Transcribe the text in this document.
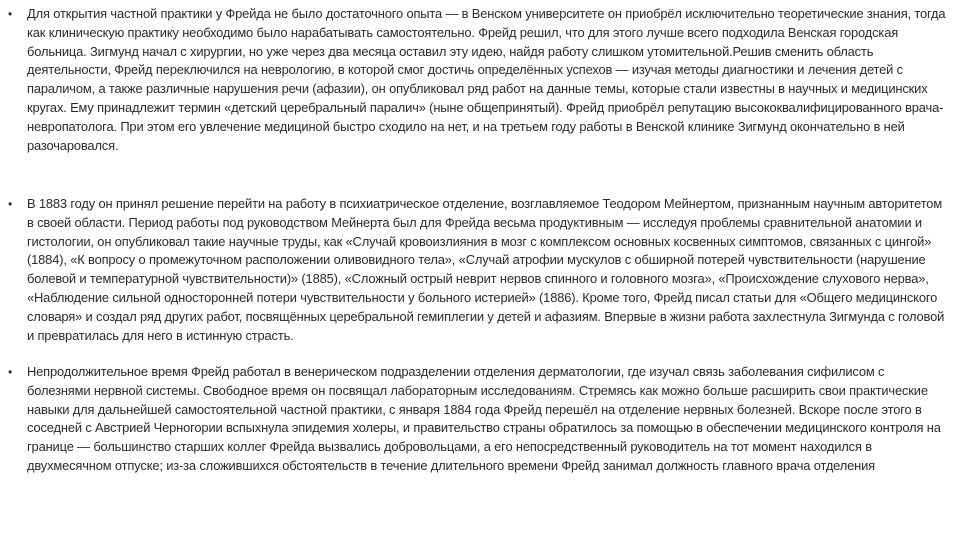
• Для открытия частной практики у Фрейда не было достаточного опыта — в Венском университете он приобрёл исключительно теоретические знания, тогда как клиническую практику необходимо было нарабатывать самостоятельно. Фрейд решил, что для этого лучше всего подходила Венская городская больница. Зигмунд начал с хирургии, но уже через два месяца оставил эту идею, найдя работу слишком утомительной.Решив сменить область деятельности, Фрейд переключился на неврологию, в которой смог достичь определённых успехов — изучая методы диагностики и лечения детей с параличом, а также различные нарушения речи (афазии), он опубликовал ряд работ на данные темы, которые стали известны в научных и медицинских кругах. Ему принадлежит термин «детский церебральный паралич» (ныне общепринятый). Фрейд приобрёл репутацию высококвалифицированного врача-невропатолога. При этом его увлечение медициной быстро сходило на нет, и на третьем году работы в Венской клинике Зигмунд окончательно в ней разочаровался.
• В 1883 году он принял решение перейти на работу в психиатрическое отделение, возглавляемое Теодором Мейнертом, признанным научным авторитетом в своей области. Период работы под руководством Мейнерта был для Фрейда весьма продуктивным — исследуя проблемы сравнительной анатомии и гистологии, он опубликовал такие научные труды, как «Случай кровоизлияния в мозг с комплексом основных косвенных симптомов, связанных с цингой» (1884), «К вопросу о промежуточном расположении оливовидного тела», «Случай атрофии мускулов с обширной потерей чувствительности (нарушение болевой и температурной чувствительности)» (1885), «Сложный острый неврит нервов спинного и головного мозга», «Происхождение слухового нерва», «Наблюдение сильной односторонней потери чувствительности у больного истерией» (1886). Кроме того, Фрейд писал статьи для «Общего медицинского словаря» и создал ряд других работ, посвящённых церебральной гемиплегии у детей и афазиям. Впервые в жизни работа захлестнула Зигмунда с головой и превратилась для него в истинную страсть.
• Непродолжительное время Фрейд работал в венерическом подразделении отделения дерматологии, где изучал связь заболевания сифилисом с болезнями нервной системы. Свободное время он посвящал лабораторным исследованиям. Стремясь как можно больше расширить свои практические навыки для дальнейшей самостоятельной частной практики, с января 1884 года Фрейд перешёл на отделение нервных болезней. Вскоре после этого в соседней с Австрией Черногории вспыхнула эпидемия холеры, и правительство страны обратилось за помощью в обеспечении медицинского контроля на границе — большинство старших коллег Фрейда вызвались добровольцами, а его непосредственный руководитель на тот момент находился в двухмесячном отпуске; из-за сложившихся обстоятельств в течение длительного времени Фрейд занимал должность главного врача отделения
